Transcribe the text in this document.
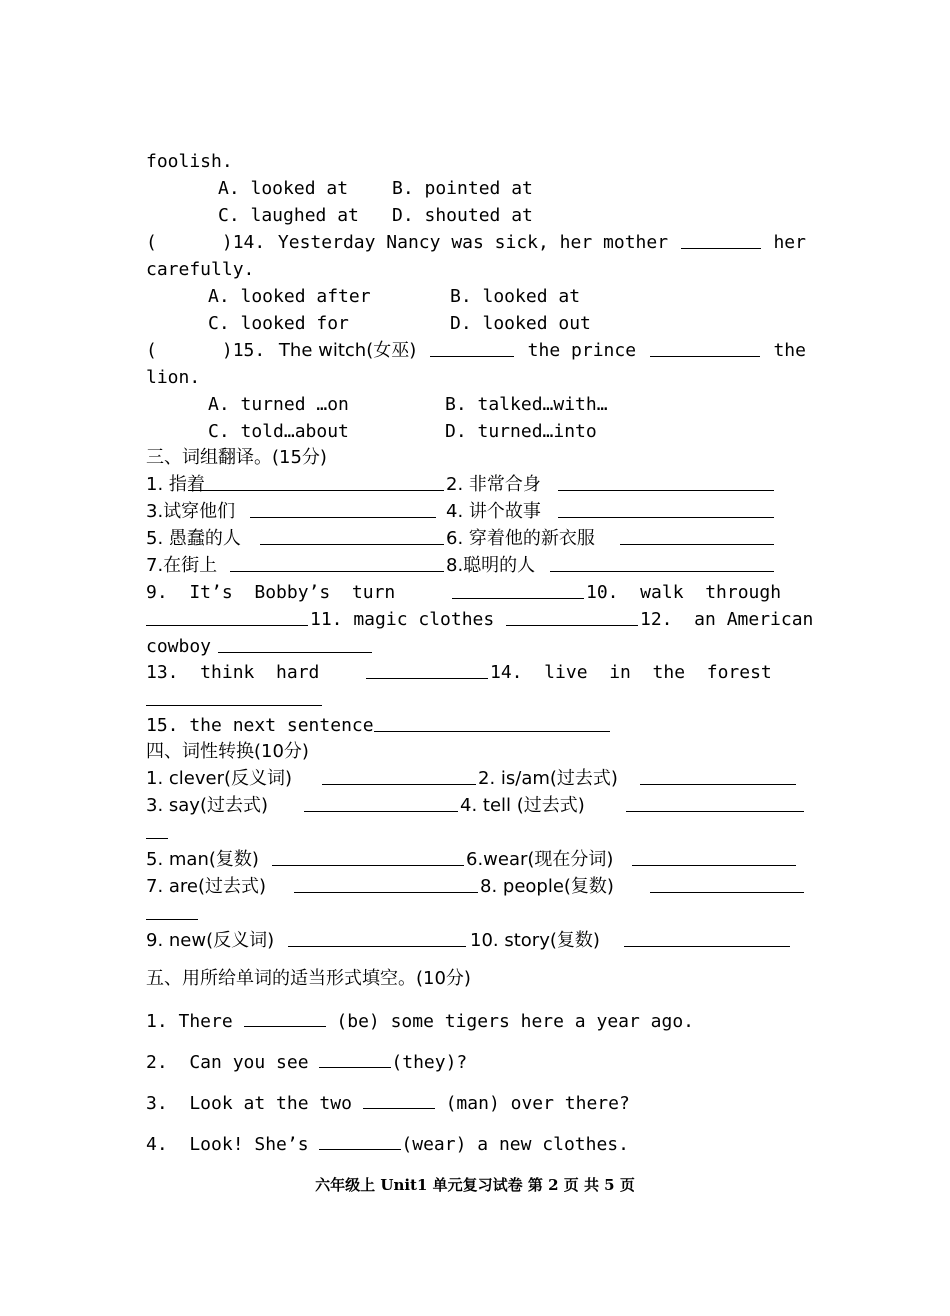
foolish.
A. looked at B. pointed at
C. laughed at D. shouted at
(      )14. Yesterday Nancy was sick, her mother	her
carefully.
A. looked after	B. looked at
C. looked for	D. looked out
(      )15. The witch(女巫)	the prince	the
lion.
A. turned …on	B. talked…with…
C. told…about	D. turned…into
三、词组翻译。(15分)
1. 指着	2. 非常合身
3.试穿他们	4. 讲个故事
5. 愚蠢的人	6. 穿着他的新衣服
7.在街上	8.聪明的人
9.  It’s  Bobby’s  turn	10.  walk  through
11. magic clothes	12.  an American
cowboy
13.  think  hard	14.  live  in  the  forest
15. the next sentence
四、词性转换(10分)
1. clever(反义词)	2. is/am(过去式)
3. say(过去式)	4. tell (过去式)
5. man(复数)	6.wear(现在分词)
7. are(过去式)	8. people(复数)
9. new(反义词)	10. story(复数)
五、用所给单词的适当形式填空。(10分)
1. There	(be) some tigers here a year ago.
2.  Can you see	(they)?
3.  Look at the two	(man) over there?
4.  Look! She’s	(wear) a new clothes.
六年级上 Unit1 单元复习试卷 第 2 页 共 5 页
